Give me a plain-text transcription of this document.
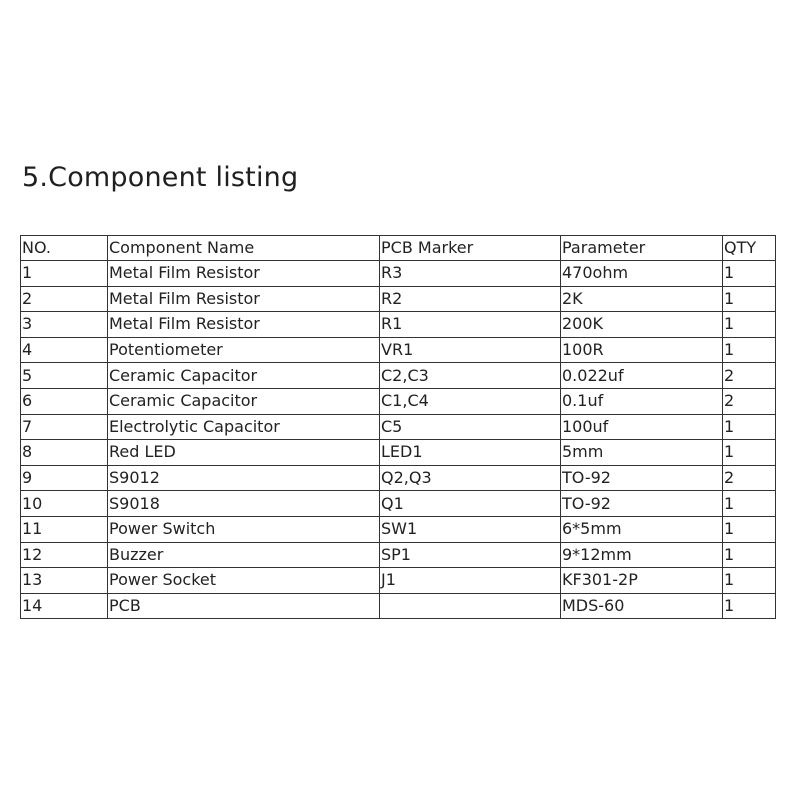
5.Component listing
NO.	Component Name	PCB Marker	Parameter	QTY
1	Metal Film Resistor	R3	470ohm	1
2	Metal Film Resistor	R2	2K	1
3	Metal Film Resistor	R1	200K	1
4	Potentiometer	VR1	100R	1
5	Ceramic Capacitor	C2,C3	0.022uf	2
6	Ceramic Capacitor	C1,C4	0.1uf	2
7	Electrolytic Capacitor	C5	100uf	1
8	Red LED	LED1	5mm	1
9	S9012	Q2,Q3	TO-92	2
10	S9018	Q1	TO-92	1
11	Power Switch	SW1	6*5mm	1
12	Buzzer	SP1	9*12mm	1
13	Power Socket	J1	KF301-2P	1
14	PCB		MDS-60	1
